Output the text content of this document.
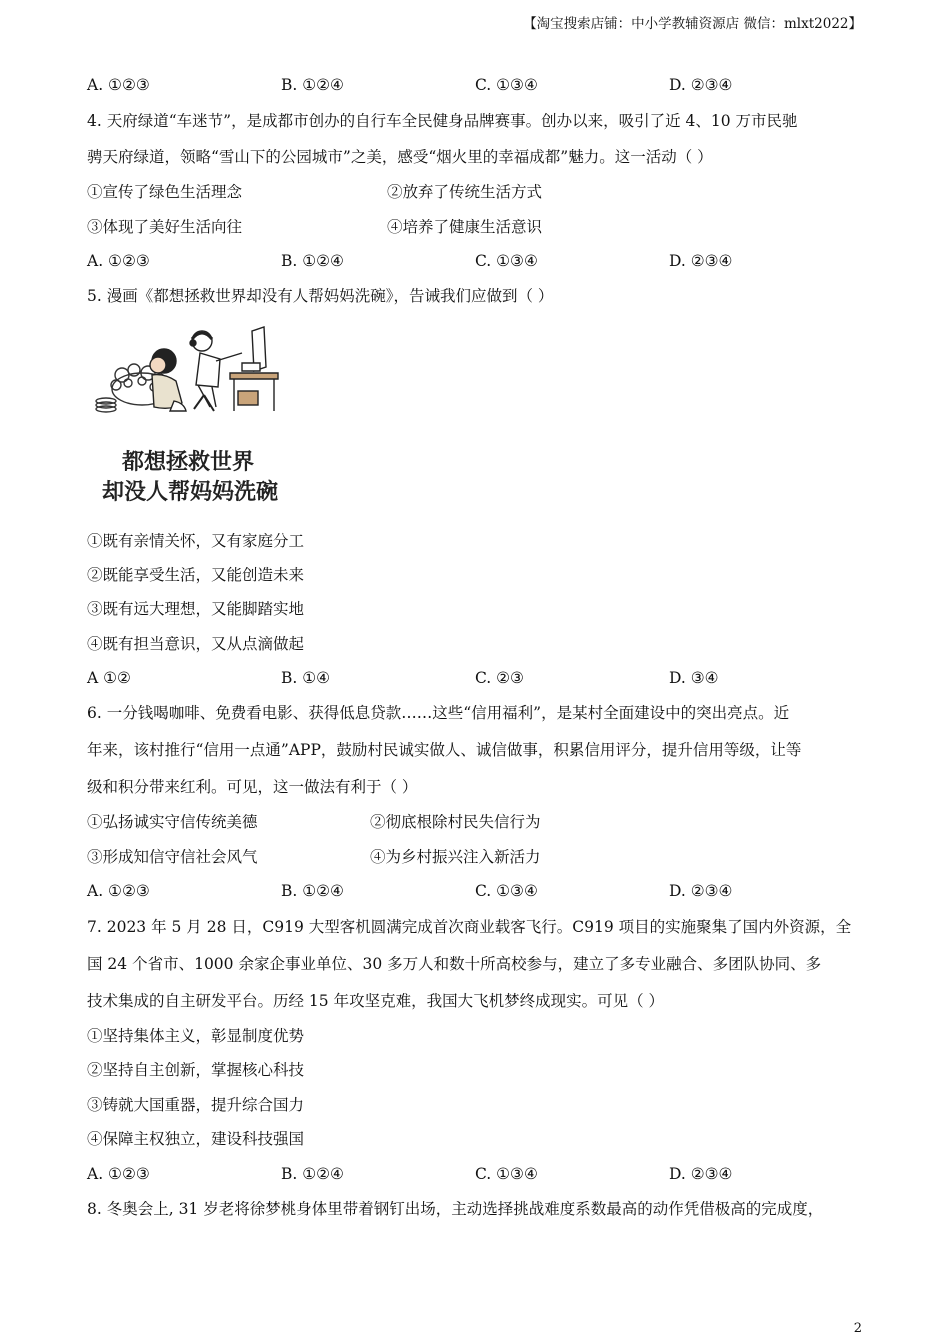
【淘宝搜索店铺：中小学教辅资源店 微信：mlxt2022】
A. ①②③	B. ①②④	C. ①③④	D. ②③④
4. 天府绿道“车迷节”，是成都市创办的自行车全民健身品牌赛事。创办以来，吸引了近 4、10 万市民驰
骋天府绿道，领略“雪山下的公园城市”之美，感受“烟火里的幸福成都”魅力。这一活动（ ）
①宣传了绿色生活理念	②放弃了传统生活方式
③体现了美好生活向往	④培养了健康生活意识
A. ①②③	B. ①②④	C. ①③④	D. ②③④
5. 漫画《都想拯救世界却没有人帮妈妈洗碗》，告诫我们应做到（ ）
都想拯救世界
却没人帮妈妈洗碗
①既有亲情关怀，又有家庭分工
②既能享受生活，又能创造未来
③既有远大理想，又能脚踏实地
④既有担当意识，又从点滴做起
A ①②	B. ①④	C. ②③	D. ③④
6. 一分钱喝咖啡、免费看电影、获得低息贷款……这些“信用福利”，是某村全面建设中的突出亮点。近
年来，该村推行“信用一点通”APP，鼓励村民诚实做人、诚信做事，积累信用评分，提升信用等级，让等
级和积分带来红利。可见，这一做法有利于（ ）
①弘扬诚实守信传统美德	②彻底根除村民失信行为
③形成知信守信社会风气	④为乡村振兴注入新活力
A. ①②③	B. ①②④	C. ①③④	D. ②③④
7. 2023 年 5 月 28 日，C919 大型客机圆满完成首次商业载客飞行。C919 项目的实施聚集了国内外资源，全
国 24 个省市、1000 余家企事业单位、30 多万人和数十所高校参与，建立了多专业融合、多团队协同、多
技术集成的自主研发平台。历经 15 年攻坚克难，我国大飞机梦终成现实。可见（ ）
①坚持集体主义，彰显制度优势
②坚持自主创新，掌握核心科技
③铸就大国重器，提升综合国力
④保障主权独立，建设科技强国
A. ①②③	B. ①②④	C. ①③④	D. ②③④
8. 冬奥会上, 31 岁老将徐梦桃身体里带着钢钉出场，主动选择挑战难度系数最高的动作凭借极高的完成度，
2
